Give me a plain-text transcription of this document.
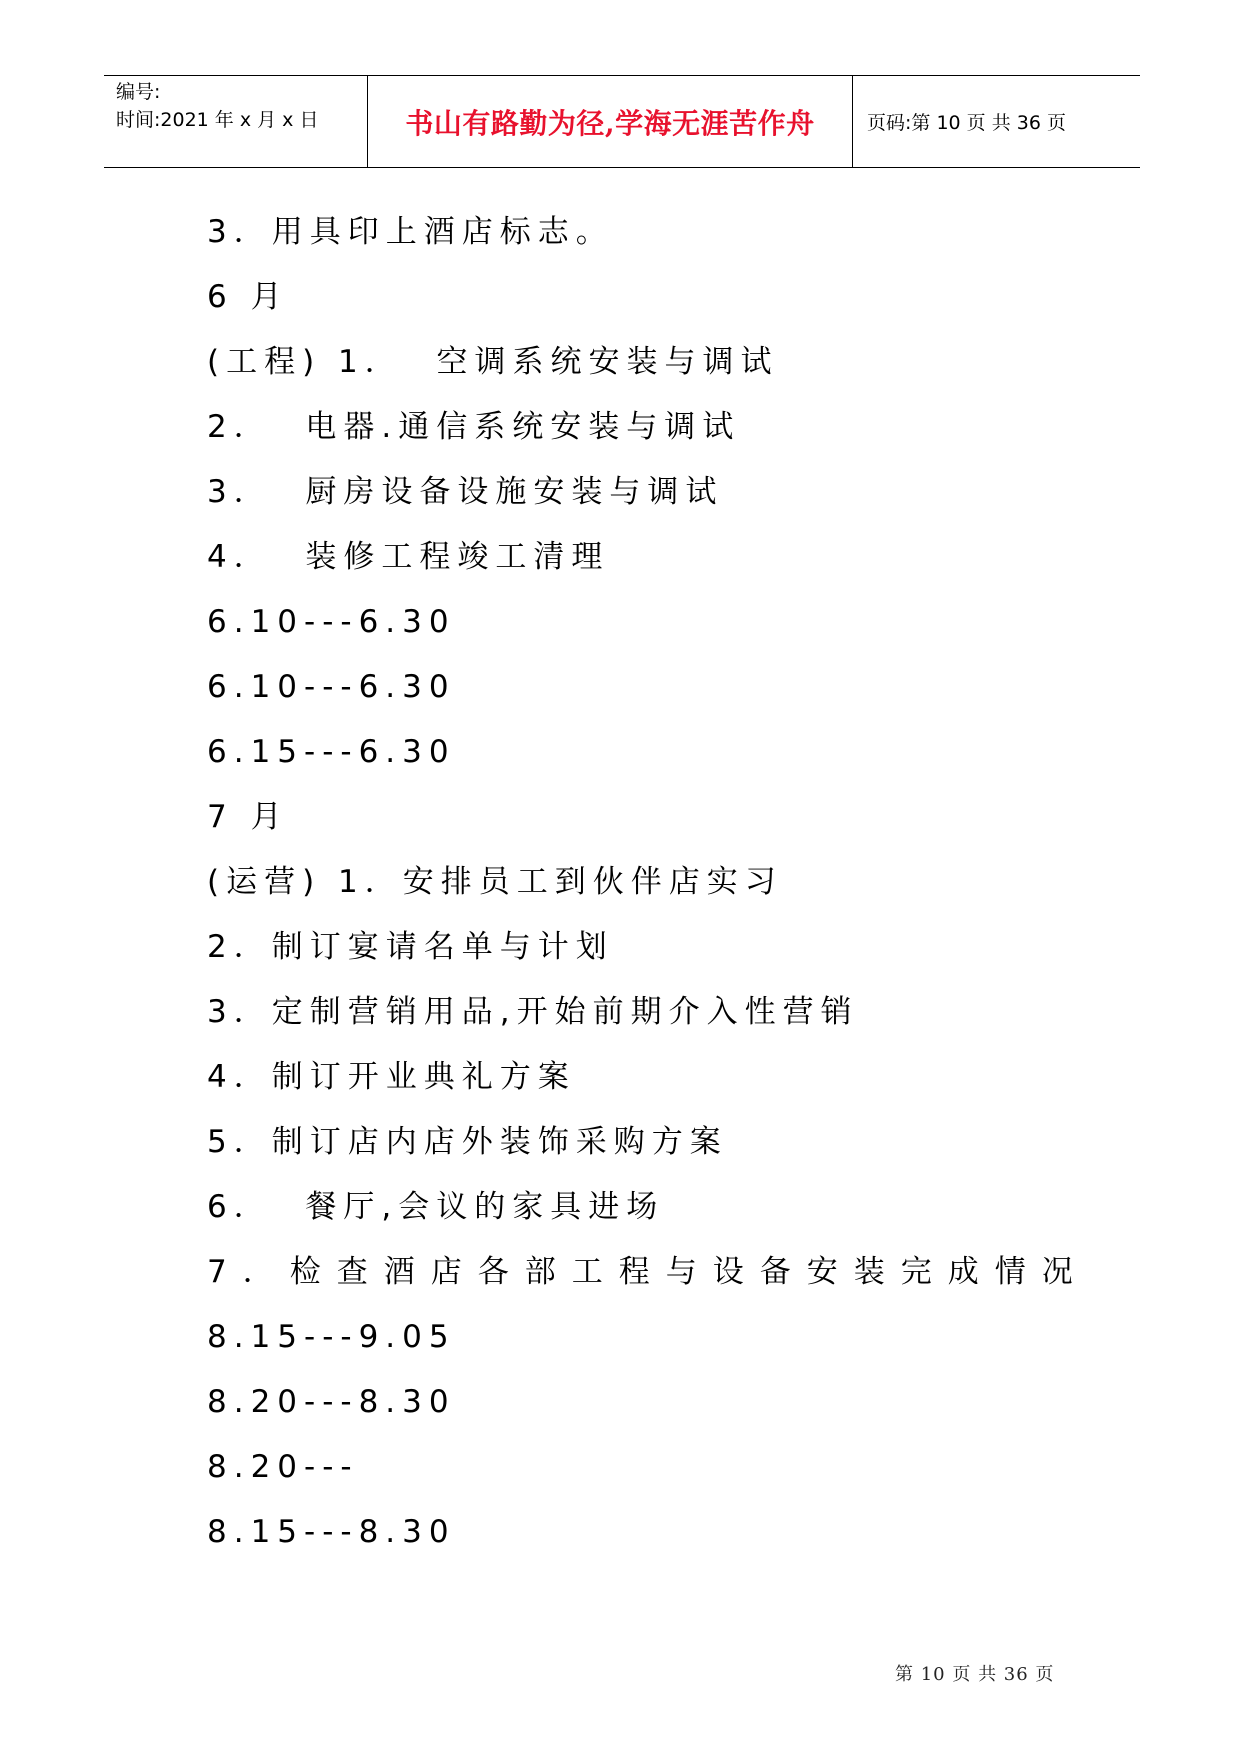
编号:
时间:2021 年 x 月 x 日	书山有路勤为径,学海无涯苦作舟	页码:第 10 页 共 36 页
3．用具印上酒店标志。
6 月
(工程) 1．  空调系统安装与调试
2．  电器.通信系统安装与调试
3．  厨房设备设施安装与调试
4．  装修工程竣工清理
6.10---6.30
6.10---6.30
6.15---6.30
7 月
(运营) 1．安排员工到伙伴店实习
2．制订宴请名单与计划
3．定制营销用品,开始前期介入性营销
4．制订开业典礼方案
5．制订店内店外装饰采购方案
6．  餐厅,会议的家具进场
7．检查酒店各部工程与设备安装完成情况
8.15---9.05
8.20---8.30
8.20---
8.15---8.30
第 10 页 共 36 页
